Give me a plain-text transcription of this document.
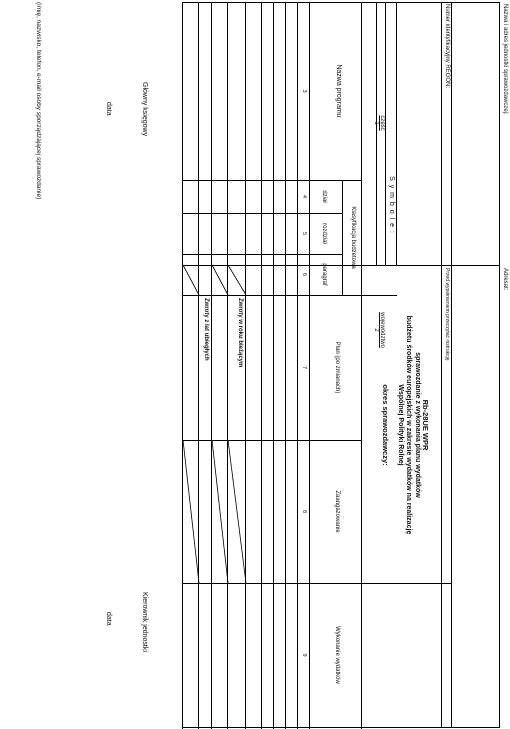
Nazwa i adres jednostki sprawozdawczej:
Adresat:
Numer identyfikacyjny REGON:
Przed wypełnieniem przeczytać instrukcję
Rb-28UE WPR
sprawozdanie z wykonania planu wydatków
budżetu środków europejskich w zakresie wydatków na realizację
Wspólnej Polityki Rolnej
okres sprawozdawczy:
S y m b o l e :
część
1
województwo
2
Nazwa programu
Klasyfikacja budżetowa
dział
rozdział
paragraf
Plan (po zmianach)
Zaangażowanie
Wykonanie wydatków
3
4
5
6
7
8
9
Zwroty w roku bieżącym
Zwroty z lat ubiegłych
Główny księgowy
Kierownik jednostki
data
data
(imię, nazwisko, telefon, e-mail osoby sporządzającej sprawozdanie)
